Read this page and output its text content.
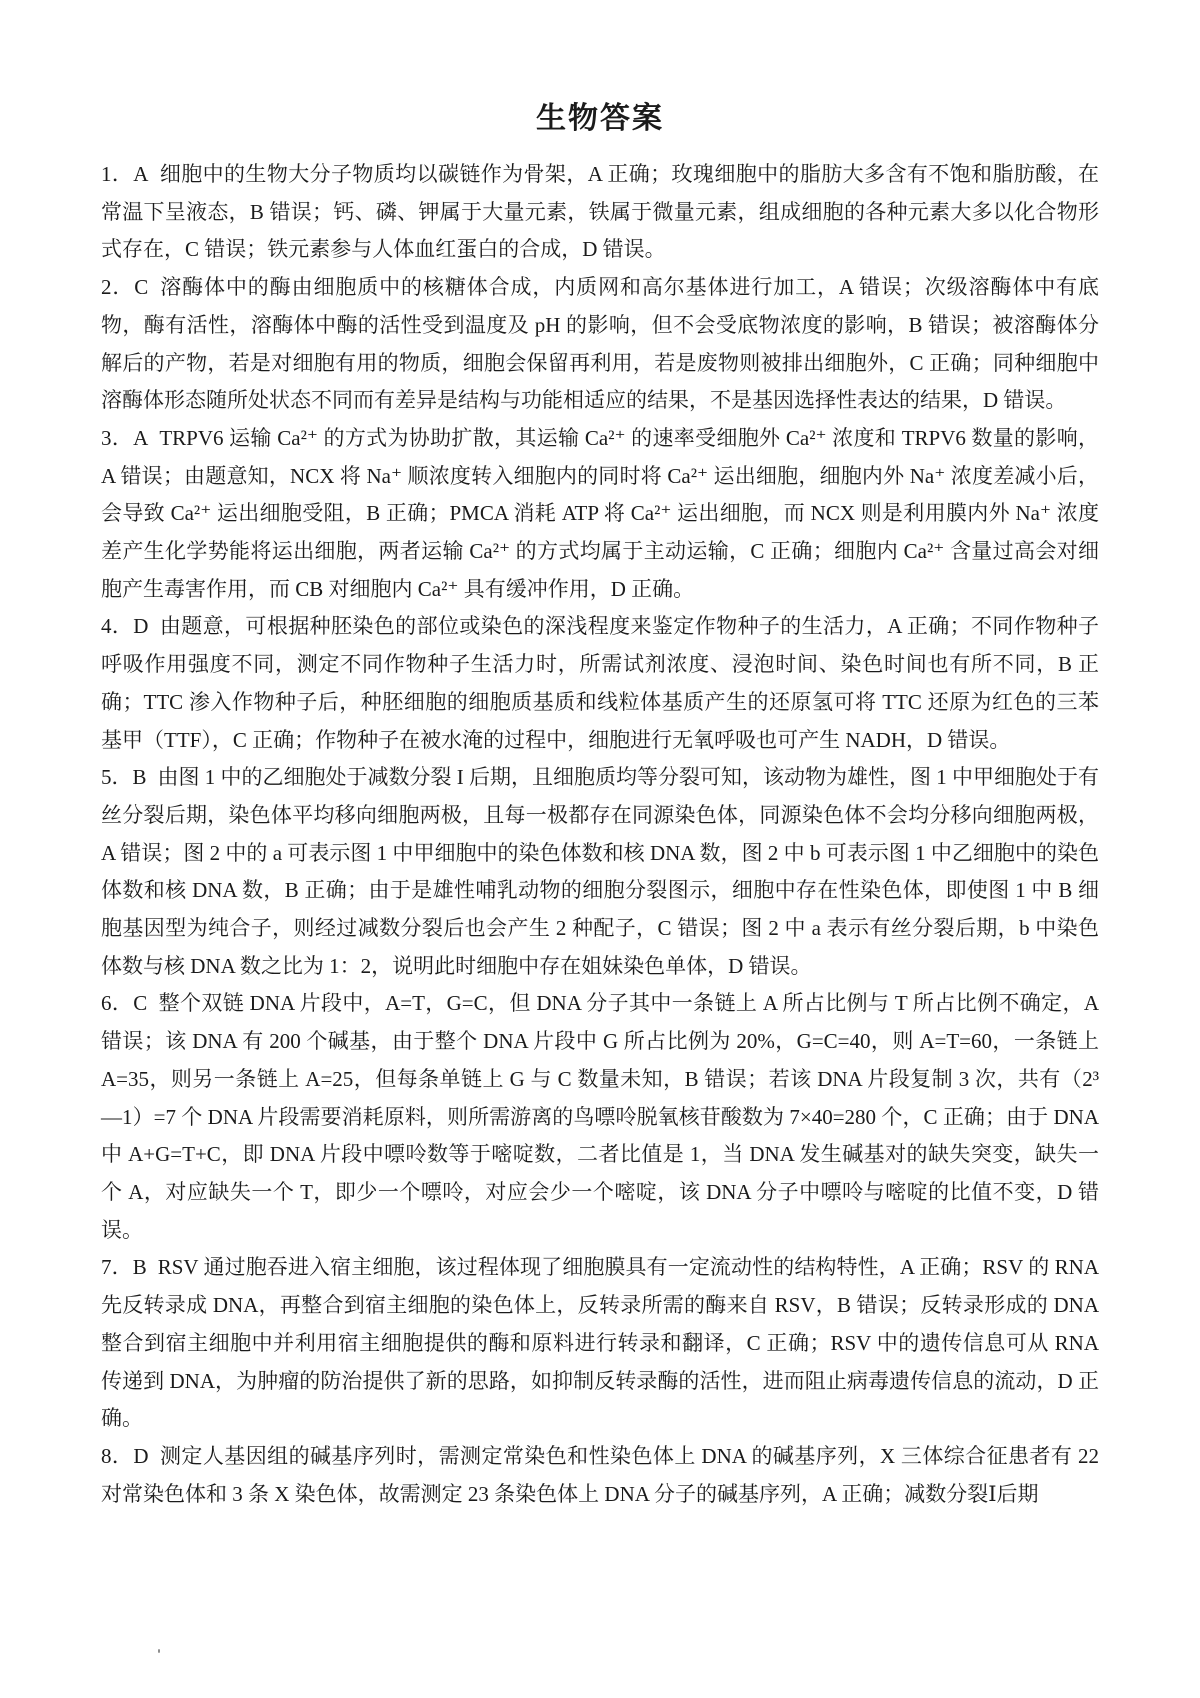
生物答案

1．A 细胞中的生物大分子物质均以碳链作为骨架，A 正确；玫瑰细胞中的脂肪大多含有不饱和脂肪酸，在常温下呈液态，B 错误；钙、磷、钾属于大量元素，铁属于微量元素，组成细胞的各种元素大多以化合物形式存在，C 错误；铁元素参与人体血红蛋白的合成，D 错误。

2．C 溶酶体中的酶由细胞质中的核糖体合成，内质网和高尔基体进行加工，A 错误；次级溶酶体中有底物，酶有活性，溶酶体中酶的活性受到温度及 pH 的影响，但不会受底物浓度的影响，B 错误；被溶酶体分解后的产物，若是对细胞有用的物质，细胞会保留再利用，若是废物则被排出细胞外，C 正确；同种细胞中溶酶体形态随所处状态不同而有差异是结构与功能相适应的结果，不是基因选择性表达的结果，D 错误。

3．A TRPV6 运输 Ca²⁺ 的方式为协助扩散，其运输 Ca²⁺ 的速率受细胞外 Ca²⁺ 浓度和 TRPV6 数量的影响，A 错误；由题意知，NCX 将 Na⁺ 顺浓度转入细胞内的同时将 Ca²⁺ 运出细胞，细胞内外 Na⁺ 浓度差减小后，会导致 Ca²⁺ 运出细胞受阻，B 正确；PMCA 消耗 ATP 将 Ca²⁺ 运出细胞，而 NCX 则是利用膜内外 Na⁺ 浓度差产生化学势能将运出细胞，两者运输 Ca²⁺ 的方式均属于主动运输，C 正确；细胞内 Ca²⁺ 含量过高会对细胞产生毒害作用，而 CB 对细胞内 Ca²⁺ 具有缓冲作用，D 正确。

4．D 由题意，可根据种胚染色的部位或染色的深浅程度来鉴定作物种子的生活力，A 正确；不同作物种子呼吸作用强度不同，测定不同作物种子生活力时，所需试剂浓度、浸泡时间、染色时间也有所不同，B 正确；TTC 渗入作物种子后，种胚细胞的细胞质基质和线粒体基质产生的还原氢可将 TTC 还原为红色的三苯基甲（TTF），C 正确；作物种子在被水淹的过程中，细胞进行无氧呼吸也可产生 NADH，D 错误。

5．B 由图 1 中的乙细胞处于减数分裂 I 后期，且细胞质均等分裂可知，该动物为雄性，图 1 中甲细胞处于有丝分裂后期，染色体平均移向细胞两极，且每一极都存在同源染色体，同源染色体不会均分移向细胞两极，A 错误；图 2 中的 a 可表示图 1 中甲细胞中的染色体数和核 DNA 数，图 2 中 b 可表示图 1 中乙细胞中的染色体数和核 DNA 数，B 正确；由于是雄性哺乳动物的细胞分裂图示，细胞中存在性染色体，即使图 1 中 B 细胞基因型为纯合子，则经过减数分裂后也会产生 2 种配子，C 错误；图 2 中 a 表示有丝分裂后期，b 中染色体数与核 DNA 数之比为 1：2，说明此时细胞中存在姐妹染色单体，D 错误。

6．C 整个双链 DNA 片段中，A=T，G=C，但 DNA 分子其中一条链上 A 所占比例与 T 所占比例不确定，A 错误；该 DNA 有 200 个碱基，由于整个 DNA 片段中 G 所占比例为 20%，G=C=40，则 A=T=60，一条链上 A=35，则另一条链上 A=25，但每条单链上 G 与 C 数量未知，B 错误；若该 DNA 片段复制 3 次，共有（2³—1）=7 个 DNA 片段需要消耗原料，则所需游离的鸟嘌呤脱氧核苷酸数为 7×40=280 个，C 正确；由于 DNA 中 A+G=T+C，即 DNA 片段中嘌呤数等于嘧啶数，二者比值是 1，当 DNA 发生碱基对的缺失突变，缺失一个 A，对应缺失一个 T，即少一个嘌呤，对应会少一个嘧啶，该 DNA 分子中嘌呤与嘧啶的比值不变，D 错误。

7．B RSV 通过胞吞进入宿主细胞，该过程体现了细胞膜具有一定流动性的结构特性，A 正确；RSV 的 RNA 先反转录成 DNA，再整合到宿主细胞的染色体上，反转录所需的酶来自 RSV，B 错误；反转录形成的 DNA 整合到宿主细胞中并利用宿主细胞提供的酶和原料进行转录和翻译，C 正确；RSV 中的遗传信息可从 RNA 传递到 DNA，为肿瘤的防治提供了新的思路，如抑制反转录酶的活性，进而阻止病毒遗传信息的流动，D 正确。

8．D 测定人基因组的碱基序列时，需测定常染色和性染色体上 DNA 的碱基序列，X 三体综合征患者有 22 对常染色体和 3 条 X 染色体，故需测定 23 条染色体上 DNA 分子的碱基序列，A 正确；减数分裂Ⅰ后期
